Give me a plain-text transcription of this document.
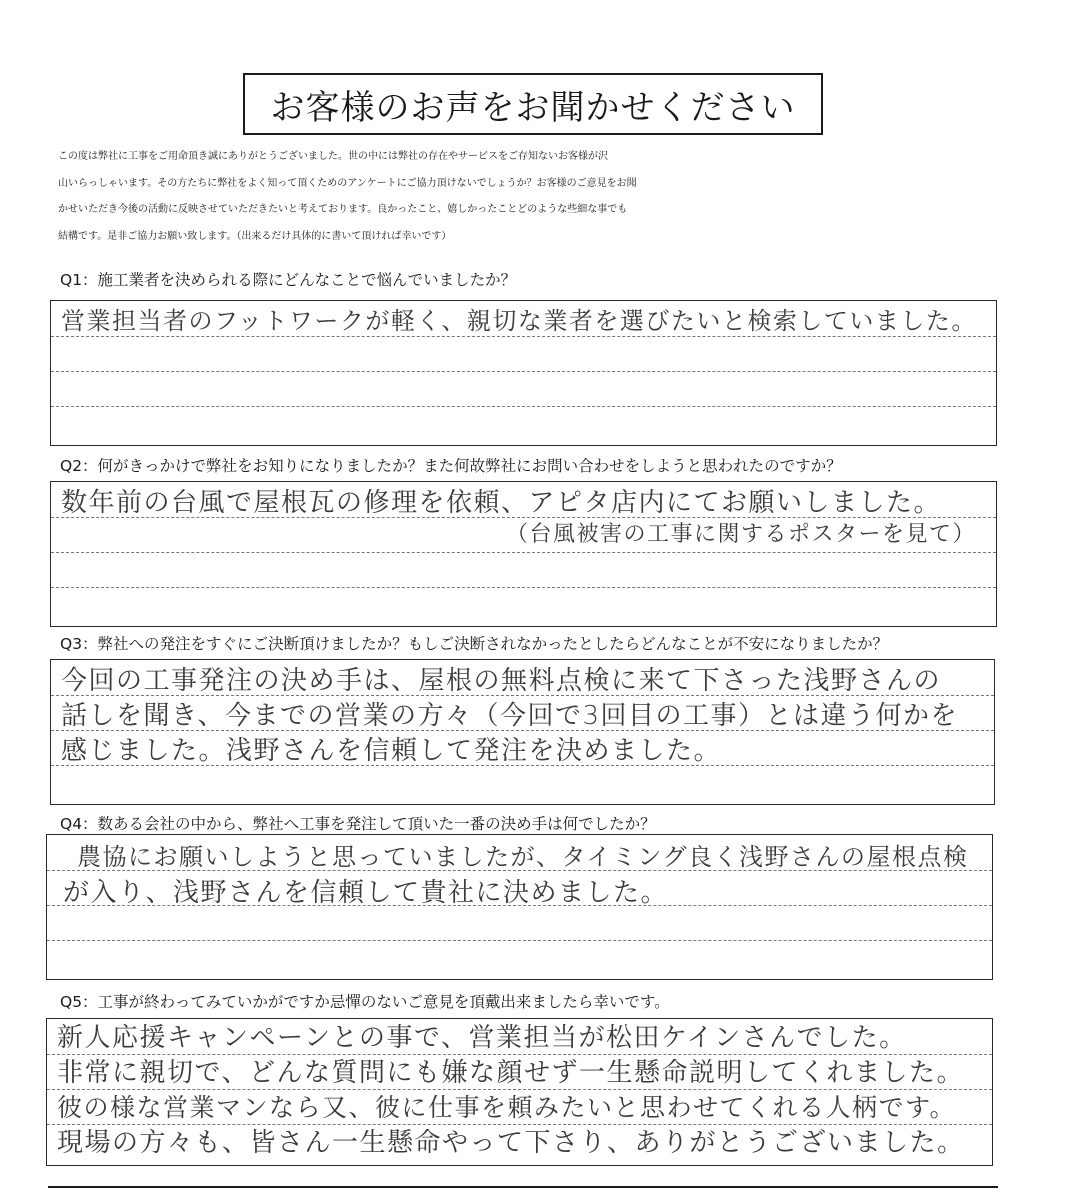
お客様のお声をお聞かせください
この度は弊社に工事をご用命頂き誠にありがとうございました。世の中には弊社の存在やサービスをご存知ないお客様が沢
山いらっしゃいます。その方たちに弊社をよく知って頂くためのアンケートにご協力頂けないでしょうか？お客様のご意見をお聞
かせいただき今後の活動に反映させていただきたいと考えております。良かったこと、嬉しかったことどのような些細な事でも
結構です。是非ご協力お願い致します。（出来るだけ具体的に書いて頂ければ幸いです）
Q1：施工業者を決められる際にどんなことで悩んでいましたか？
営業担当者のフットワークが軽く、親切な業者を選びたいと検索していました。
Q2：何がきっかけで弊社をお知りになりましたか？また何故弊社にお問い合わせをしようと思われたのですか？
数年前の台風で屋根瓦の修理を依頼、アピタ店内にてお願いしました。
（台風被害の工事に関するポスターを見て）
Q3：弊社への発注をすぐにご決断頂けましたか？もしご決断されなかったとしたらどんなことが不安になりましたか？
今回の工事発注の決め手は、屋根の無料点検に来て下さった浅野さんの
話しを聞き、今までの営業の方々（今回で3回目の工事）とは違う何かを
感じました。浅野さんを信頼して発注を決めました。
Q4：数ある会社の中から、弊社へ工事を発注して頂いた一番の決め手は何でしたか？
農協にお願いしようと思っていましたが、タイミング良く浅野さんの屋根点検
が入り、浅野さんを信頼して貴社に決めました。
Q5：工事が終わってみていかがですか忌憚のないご意見を頂戴出来ましたら幸いです。
新人応援キャンペーンとの事で、営業担当が松田ケインさんでした。
非常に親切で、どんな質問にも嫌な顔せず一生懸命説明してくれました。
彼の様な営業マンなら又、彼に仕事を頼みたいと思わせてくれる人柄です。
現場の方々も、皆さん一生懸命やって下さり、ありがとうございました。
